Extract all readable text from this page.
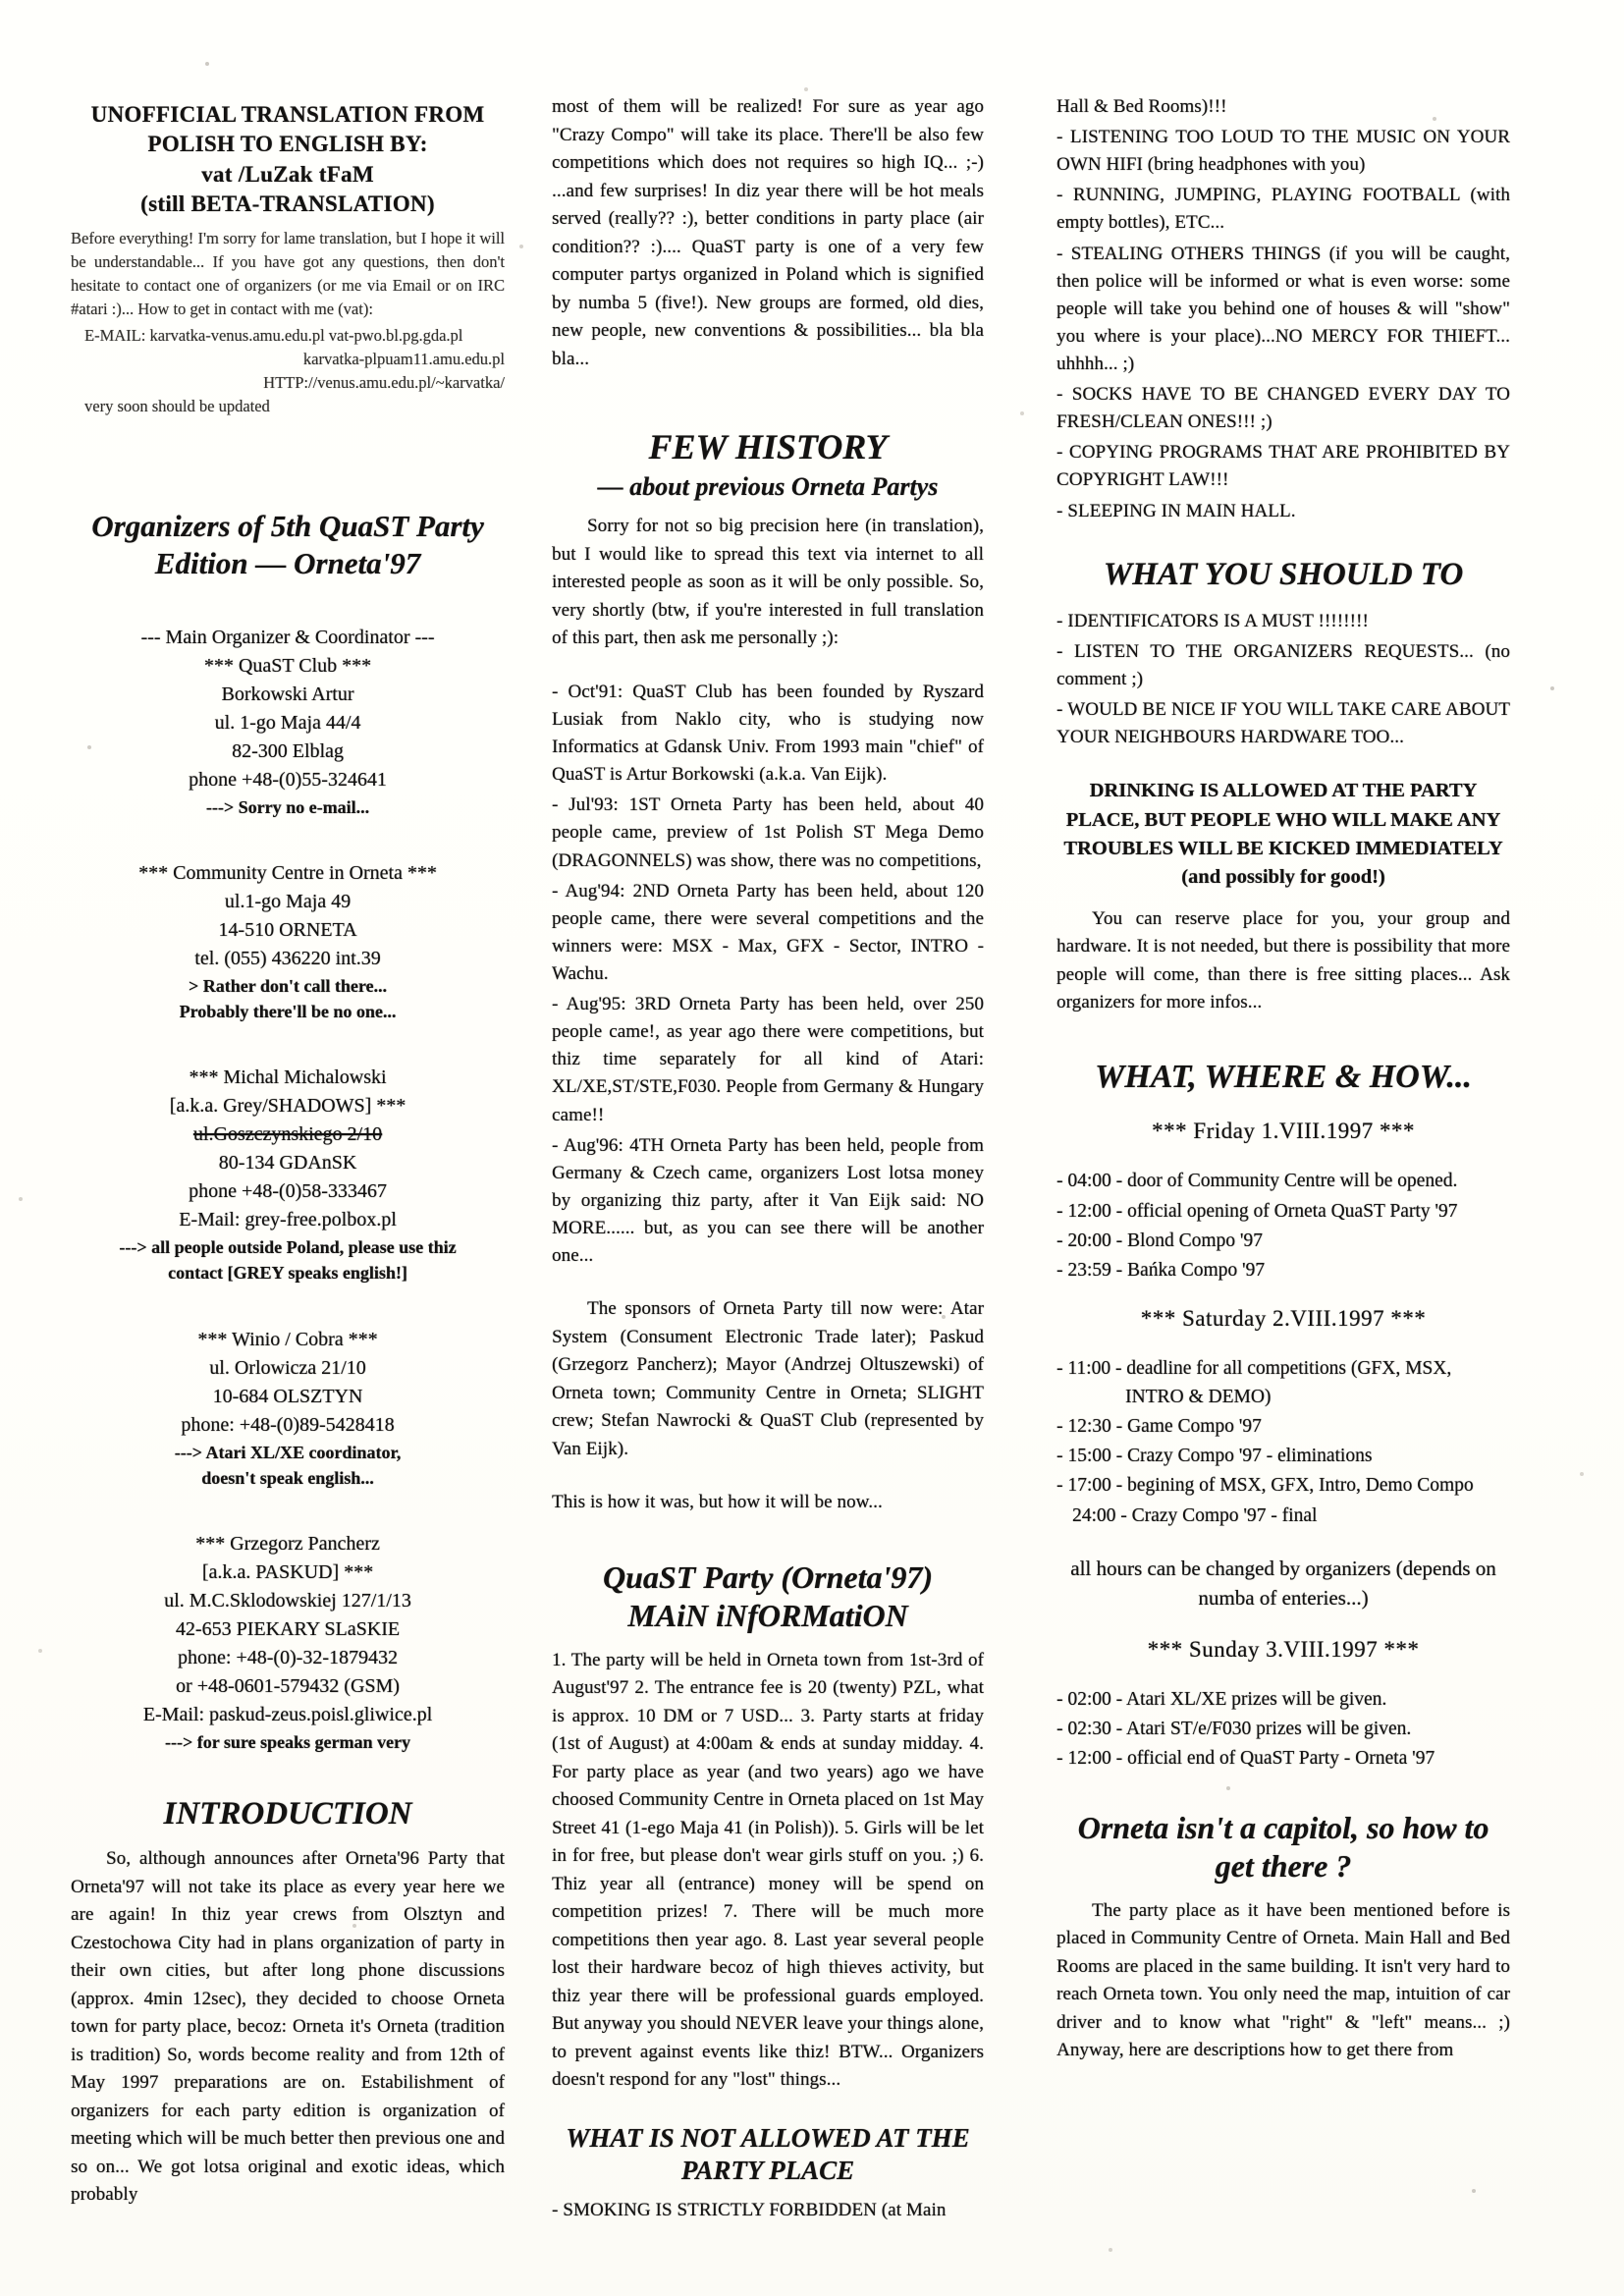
UNOFFICIAL TRANSLATION FROM
POLISH TO ENGLISH BY:
vat /LuZak tFaM
(still BETA-TRANSLATION)
Before everything! I'm sorry for lame translation, but I hope it will be understandable... If you have got any questions, then don't hesitate to contact one of organizers (or me via Email or on IRC #atari :)... How to get in contact with me (vat):
E-MAIL: karvatka-venus.amu.edu.pl vat-pwo.bl.pg.gda.pl
karvatka-plpuam11.amu.edu.pl
HTTP://venus.amu.edu.pl/~karvatka/
very soon should be updated
Organizers of 5th QuaST Party
Edition — Orneta'97
--- Main Organizer & Coordinator ---
*** QuaST Club ***
Borkowski Artur
ul. 1-go Maja 44/4
82-300 Elblag
phone +48-(0)55-324641
---> Sorry no e-mail...
*** Community Centre in Orneta ***
ul.1-go Maja 49
14-510 ORNETA
tel. (055) 436220 int.39
> Rather don't call there...
Probably there'll be no one...
*** Michal Michalowski
[a.k.a. Grey/SHADOWS] ***
ul.Goszczynskiego 2/10
80-134 GDAnSK
phone +48-(0)58-333467
E-Mail: grey-free.polbox.pl
---> all people outside Poland, please use thiz
contact [GREY speaks english!]
*** Winio / Cobra ***
ul. Orlowicza 21/10
10-684 OLSZTYN
phone: +48-(0)89-5428418
---> Atari XL/XE coordinator,
doesn't speak english...
*** Grzegorz Pancherz
[a.k.a. PASKUD] ***
ul. M.C.Sklodowskiej 127/1/13
42-653 PIEKARY SLaSKIE
phone: +48-(0)-32-1879432
or +48-0601-579432 (GSM)
E-Mail: paskud-zeus.poisl.gliwice.pl
---> for sure speaks german very
INTRODUCTION
So, although announces after Orneta'96 Party that Orneta'97 will not take its place as every year here we are again! In thiz year crews from Olsztyn and Czestochowa City had in plans organization of party in their own cities, but after long phone discussions (approx. 4min 12sec), they decided to choose Orneta town for party place, becoz: Orneta it's Orneta (tradition is tradition) So, words become reality and from 12th of May 1997 preparations are on. Estabilishment of organizers for each party edition is organization of meeting which will be much better then previous one and so on... We got lotsa original and exotic ideas, which probably
most of them will be realized! For sure as year ago "Crazy Compo" will take its place. There'll be also few competitions which does not requires so high IQ... ;-) ...and few surprises! In diz year there will be hot meals served (really?? :), better conditions in party place (air condition?? :).... QuaST party is one of a very few computer partys organized in Poland which is signified by numba 5 (five!). New groups are formed, old dies, new people, new conventions & possibilities... bla bla bla...
FEW HISTORY
— about previous Orneta Partys
Sorry for not so big precision here (in translation), but I would like to spread this text via internet to all interested people as soon as it will be only possible. So, very shortly (btw, if you're interested in full translation of this part, then ask me personally ;):
- Oct'91: QuaST Club has been founded by Ryszard Lusiak from Naklo city, who is studying now Informatics at Gdansk Univ. From 1993 main "chief" of QuaST is Artur Borkowski (a.k.a. Van Eijk).
- Jul'93: 1ST Orneta Party has been held, about 40 people came, preview of 1st Polish ST Mega Demo (DRAGONNELS) was show, there was no competitions,
- Aug'94: 2ND Orneta Party has been held, about 120 people came, there were several competitions and the winners were: MSX - Max, GFX - Sector, INTRO - Wachu.
- Aug'95: 3RD Orneta Party has been held, over 250 people came!, as year ago there were competitions, but thiz time separately for all kind of Atari: XL/XE,ST/STE,F030. People from Germany & Hungary came!!
- Aug'96: 4TH Orneta Party has been held, people from Germany & Czech came, organizers Lost lotsa money by organizing thiz party, after it Van Eijk said: NO MORE...... but, as you can see there will be another one...
The sponsors of Orneta Party till now were: Atar System (Consument Electronic Trade later); Paskud (Grzegorz Pancherz); Mayor (Andrzej Oltuszewski) of Orneta town; Community Centre in Orneta; SLIGHT crew; Stefan Nawrocki & QuaST Club (represented by Van Eijk).
This is how it was, but how it will be now...
QuaST Party (Orneta'97)
MAiN iNfORMatiON
1. The party will be held in Orneta town from 1st-3rd of August'97 2. The entrance fee is 20 (twenty) PZL, what is approx. 10 DM or 7 USD... 3. Party starts at friday (1st of August) at 4:00am & ends at sunday midday. 4. For party place as year (and two years) ago we have choosed Community Centre in Orneta placed on 1st May Street 41 (1-ego Maja 41 (in Polish)). 5. Girls will be let in for free, but please don't wear girls stuff on you. ;) 6. Thiz year all (entrance) money will be spend on competition prizes! 7. There will be much more competitions then year ago. 8. Last year several people lost their hardware becoz of high thieves activity, but thiz year there will be professional guards employed. But anyway you should NEVER leave your things alone, to prevent against events like thiz! BTW... Organizers doesn't respond for any "lost" things...
WHAT IS NOT ALLOWED AT THE
PARTY PLACE
- SMOKING IS STRICTLY FORBIDDEN (at Main
Hall & Bed Rooms)!!!
- LISTENING TOO LOUD TO THE MUSIC ON YOUR OWN HIFI (bring headphones with you)
- RUNNING, JUMPING, PLAYING FOOTBALL (with empty bottles), ETC...
- STEALING OTHERS THINGS (if you will be caught, then police will be informed or what is even worse: some people will take you behind one of houses & will "show" you where is your place)...NO MERCY FOR THIEFT... uhhhh... ;)
- SOCKS HAVE TO BE CHANGED EVERY DAY TO FRESH/CLEAN ONES!!! ;)
- COPYING PROGRAMS THAT ARE PROHIBITED BY COPYRIGHT LAW!!!
- SLEEPING IN MAIN HALL.
WHAT YOU SHOULD TO
- IDENTIFICATORS IS A MUST !!!!!!!!
- LISTEN TO THE ORGANIZERS REQUESTS... (no comment ;)
- WOULD BE NICE IF YOU WILL TAKE CARE ABOUT YOUR NEIGHBOURS HARDWARE TOO...
DRINKING IS ALLOWED AT THE PARTY PLACE, BUT PEOPLE WHO WILL MAKE ANY TROUBLES WILL BE KICKED IMMEDIATELY (and possibly for good!)
You can reserve place for you, your group and hardware. It is not needed, but there is possibility that more people will come, than there is free sitting places... Ask organizers for more infos...
WHAT, WHERE & HOW...
*** Friday 1.VIII.1997 ***
- 04:00 - door of Community Centre will be opened.
- 12:00 - official opening of Orneta QuaST Party '97
- 20:00 - Blond Compo '97
- 23:59 - Bańka Compo '97
*** Saturday 2.VIII.1997 ***
- 11:00 - deadline for all competitions (GFX, MSX, INTRO & DEMO)
- 12:30 - Game Compo '97
- 15:00 - Crazy Compo '97 - eliminations
- 17:00 - begining of MSX, GFX, Intro, Demo Compo
24:00 - Crazy Compo '97 - final
all hours can be changed by organizers (depends on numba of enteries...)
*** Sunday 3.VIII.1997 ***
- 02:00 - Atari XL/XE prizes will be given.
- 02:30 - Atari ST/e/F030 prizes will be given.
- 12:00 - official end of QuaST Party - Orneta '97
Orneta isn't a capitol, so how to
get there ?
The party place as it have been mentioned before is placed in Community Centre of Orneta. Main Hall and Bed Rooms are placed in the same building. It isn't very hard to reach Orneta town. You only need the map, intuition of car driver and to know what "right" & "left" means... ;) Anyway, here are descriptions how to get there from
